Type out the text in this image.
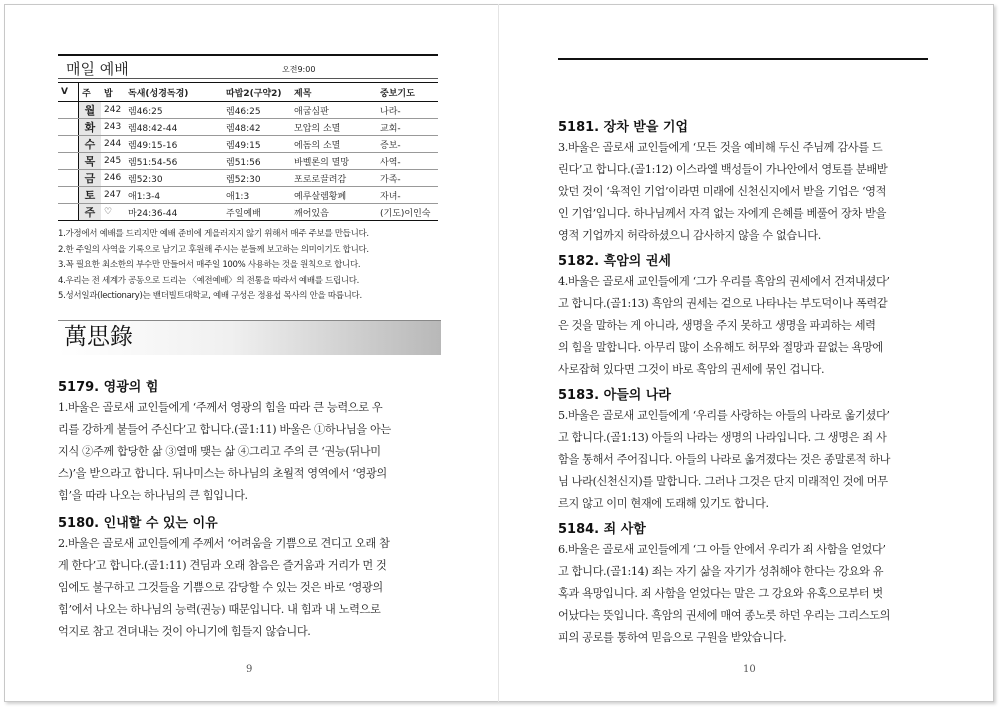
매일 예배	오전9:00
V	주	밥	독새(성경독경)	따밥2(구약2)	제목	중보기도
	월	242	렘46:25	렘46:25	애굽심판	나라-
	화	243	렘48:42-44	렘48:42	모압의 소멸	교회-
	수	244	렘49:15-16	렘49:15	에돔의 소멸	증보-
	목	245	렘51:54-56	렘51:56	바벨론의 멸망	사역-
	금	246	렘52:30	렘52:30	포로로끌려감	가족-
	토	247	애1:3-4	애1:3	예루살렘황폐	자녀-
	주	♡	마24:36-44	주일예배	깨어있음	(기도)이인숙
1.가정에서 예배를 드리지만 예배 준비에 게을러지지 않기 위해서 매주 주보를 만듭니다.
2.한 주일의 사역을 기록으로 남기고 후원해 주시는 분들께 보고하는 의미이기도 합니다.
3.꼭 필요한 최소한의 부수만 만들어서 매주일 100% 사용하는 것을 원칙으로 합니다.
4.우리는 전 세계가 공동으로 드리는 〈예전예배〉의 전통을 따라서 예배를 드립니다.
5.성서일과(lectionary)는 밴더빌트대학교, 예배 구성은 정용섭 목사의 안을 따릅니다.
萬思錄
5179. 영광의 힘
1.바울은 골로새 교인들에게 ‘주께서 영광의 힘을 따라 큰 능력으로 우
리를 강하게 붙들어 주신다’고 합니다.(골1:11) 바울은 ①하나님을 아는
지식 ②주께 합당한 삶 ③열매 맺는 삶 ④그리고 주의 큰 ‘권능(뒤나미
스)’을 받으라고 합니다. 뒤나미스는 하나님의 초월적 영역에서 ‘영광의
힘’을 따라 나오는 하나님의 큰 힘입니다.
5180. 인내할 수 있는 이유
2.바울은 골로새 교인들에게 주께서 ‘어려움을 기쁨으로 견디고 오래 참
게 한다’고 합니다.(골1:11) 견딤과 오래 참음은 즐거움과 거리가 먼 것
임에도 불구하고 그것들을 기쁨으로 감당할 수 있는 것은 바로 ‘영광의
힘’에서 나오는 하나님의 능력(권능) 때문입니다. 내 힘과 내 노력으로
억지로 참고 견뎌내는 것이 아니기에 힘들지 않습니다.
9
5181. 장차 받을 기업
3.바울은 골로새 교인들에게 ‘모든 것을 예비해 두신 주님께 감사를 드
린다’고 합니다.(골1:12) 이스라엘 백성들이 가나안에서 영토를 분배받
았던 것이 ‘육적인 기업’이라면 미래에 신천신지에서 받을 기업은 ‘영적
인 기업’입니다. 하나님께서 자격 없는 자에게 은혜를 베풀어 장차 받을
영적 기업까지 허락하셨으니 감사하지 않을 수 없습니다.
5182. 흑암의 권세
4.바울은 골로새 교인들에게 ‘그가 우리를 흑암의 권세에서 건져내셨다’
고 합니다.(골1:13) 흑암의 권세는 겉으로 나타나는 부도덕이나 폭력같
은 것을 말하는 게 아니라, 생명을 주지 못하고 생명을 파괴하는 세력
의 힘을 말합니다. 아무리 많이 소유해도 허무와 절망과 끝없는 욕망에
사로잡혀 있다면 그것이 바로 흑암의 권세에 묶인 겁니다.
5183. 아들의 나라
5.바울은 골로새 교인들에게 ‘우리를 사랑하는 아들의 나라로 옮기셨다’
고 합니다.(골1:13) 아들의 나라는 생명의 나라입니다. 그 생명은 죄 사
함을 통해서 주어집니다. 아들의 나라로 옮겨졌다는 것은 종말론적 하나
님 나라(신천신지)를 말합니다. 그러나 그것은 단지 미래적인 것에 머무
르지 않고 이미 현재에 도래해 있기도 합니다.
5184. 죄 사함
6.바울은 골로새 교인들에게 ‘그 아들 안에서 우리가 죄 사함을 얻었다’
고 합니다.(골1:14) 죄는 자기 삶을 자기가 성취해야 한다는 강요와 유
혹과 욕망입니다. 죄 사함을 얻었다는 말은 그 강요와 유혹으로부터 벗
어났다는 뜻입니다. 흑암의 권세에 매여 종노릇 하던 우리는 그리스도의
피의 공로를 통하여 믿음으로 구원을 받았습니다.
10
